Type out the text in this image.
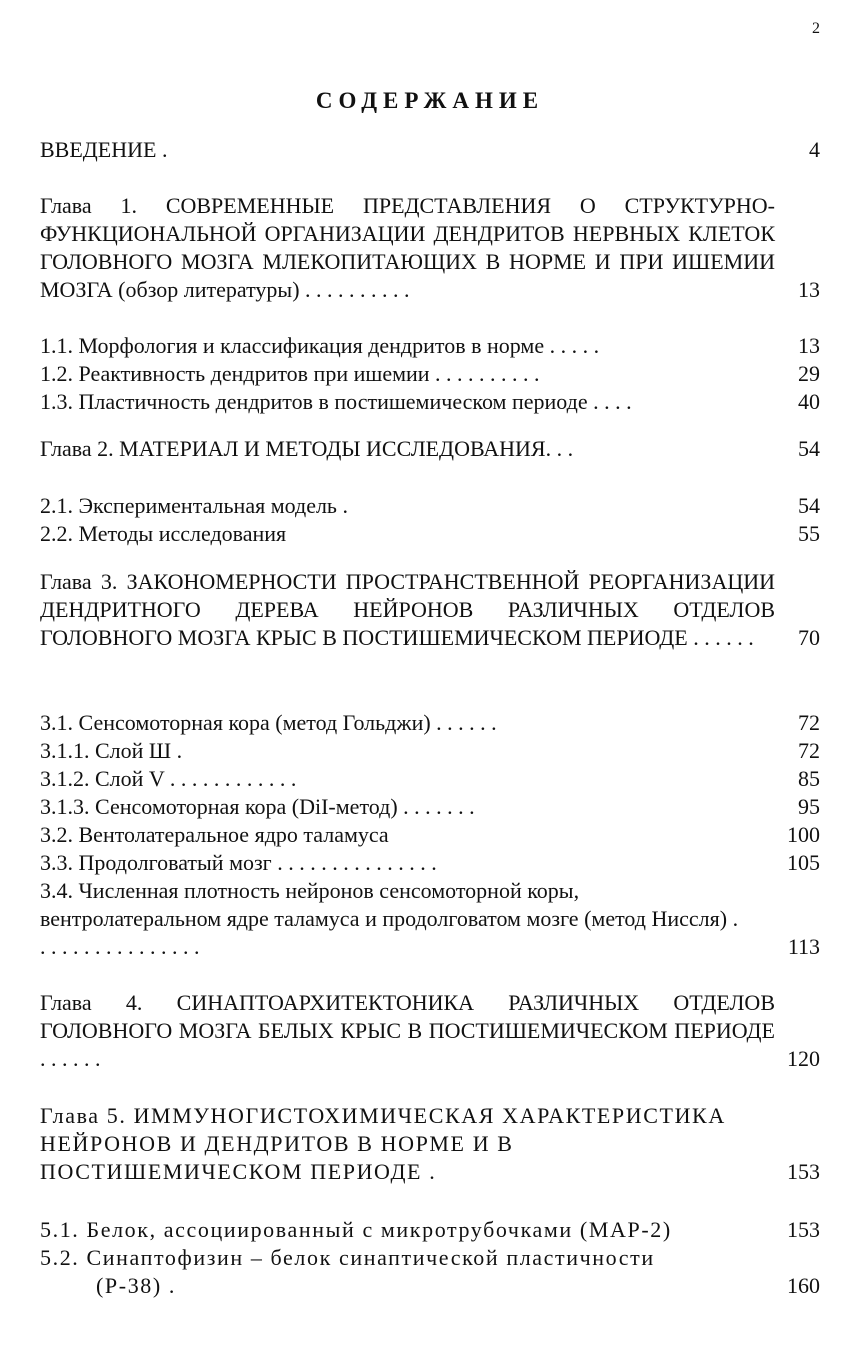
2
СОДЕРЖАНИЕ
ВВЕДЕНИЕ .	4
Глава 1. СОВРЕМЕННЫЕ ПРЕДСТАВЛЕНИЯ О СТРУКТУРНО-ФУНКЦИОНАЛЬНОЙ ОРГАНИЗАЦИИ ДЕНДРИТОВ НЕРВНЫХ КЛЕТОК ГОЛОВНОГО МОЗГА МЛЕКОПИТАЮЩИХ В НОРМЕ И ПРИ ИШЕМИИ МОЗГА (обзор литературы) . . . . . . . . . .	13
1.1. Морфология и классификация дендритов в норме . . . . .	13
1.2. Реактивность дендритов при ишемии . . . . . . . . . .	29
1.3. Пластичность дендритов в постишемическом периоде . . . .	40
Глава 2. МАТЕРИАЛ И МЕТОДЫ ИССЛЕДОВАНИЯ. . .	54
2.1. Экспериментальная модель .	54
2.2. Методы исследования	55
Глава 3. ЗАКОНОМЕРНОСТИ ПРОСТРАНСТВЕННОЙ РЕОРГАНИЗАЦИИ ДЕНДРИТНОГО ДЕРЕВА НЕЙРОНОВ РАЗЛИЧНЫХ ОТДЕЛОВ ГОЛОВНОГО МОЗГА КРЫС В ПОСТИШЕМИЧЕСКОМ ПЕРИОДЕ . . . . . .	70
3.1. Сенсомоторная кора (метод Гольджи) . . . . . .	72
3.1.1. Слой Ш .	72
3.1.2. Слой V . . . . . . . . . . . .	85
3.1.3. Сенсомоторная кора (DiI-метод) . . . . . . .	95
3.2. Вентолатеральное ядро таламуса	100
3.3. Продолговатый мозг . . . . . . . . . . . . . . .	105
3.4. Численная плотность нейронов сенсомоторной коры, вентролатеральном ядре таламуса и продолговатом мозге (метод Ниссля) . . . . . . . . . . . . . . . .	113
Глава 4. СИНАПТОАРХИТЕКТОНИКА РАЗЛИЧНЫХ ОТДЕЛОВ ГОЛОВНОГО МОЗГА БЕЛЫХ КРЫС В ПОСТИШЕМИЧЕСКОМ ПЕРИОДЕ . . . . . .	120
Глава 5. ИММУНОГИСТОХИМИЧЕСКАЯ ХАРАКТЕРИСТИКА НЕЙРОНОВ И ДЕНДРИТОВ В НОРМЕ И В ПОСТИШЕМИЧЕСКОМ ПЕРИОДЕ .	153
5.1. Белок, ассоциированный с микротрубочками (МАР-2)	153
5.2. Синаптофизин – белок синаптической пластичности
(Р-38) .	160
